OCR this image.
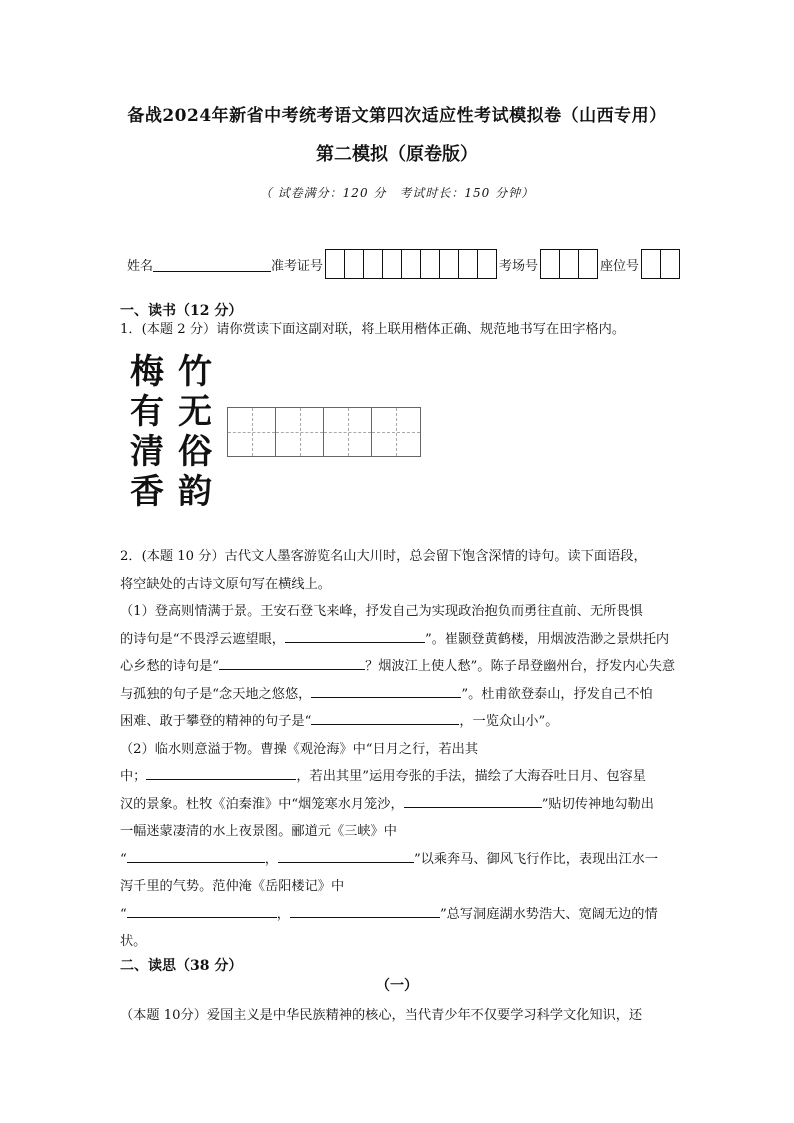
备战2024年新省中考统考语文第四次适应性考试模拟卷（山西专用）
第二模拟（原卷版）
（ 试卷满分：120 分　考试时长：150 分钟）
姓名	准考证号	考场号	座位号
一、读书（12 分）
1．(本题 2 分）请你赏读下面这副对联，将上联用楷体正确、规范地书写在田字格内。
梅
有
清
香
竹
无
俗
韵
2．(本题 10 分）古代文人墨客游览名山大川时，总会留下饱含深情的诗句。读下面语段，
将空缺处的古诗文原句写在横线上。
（1）登高则情满于景。王安石登飞来峰，抒发自己为实现政治抱负而勇往直前、无所畏惧
的诗句是“不畏浮云遮望眼，	”。崔颢登黄鹤楼，用烟波浩渺之景烘托内
心乡愁的诗句是“	？烟波江上使人愁”。陈子昂登幽州台，抒发内心失意
与孤独的句子是“念天地之悠悠，	”。杜甫欲登泰山，抒发自己不怕
困难、敢于攀登的精神的句子是“	，一览众山小”。
（2）临水则意溢于物。曹操《观沧海》中“日月之行，若出其
中；	，若出其里”运用夸张的手法，描绘了大海吞吐日月、包容星
汉的景象。杜牧《泊秦淮》中“烟笼寒水月笼沙，	”贴切传神地勾勒出
一幅迷蒙凄清的水上夜景图。郦道元《三峡》中
“	，	”以乘奔马、御风飞行作比，表现出江水一
泻千里的气势。范仲淹《岳阳楼记》中
“	，	”总写洞庭湖水势浩大、宽阔无边的情
状。
二、读思（38 分）
（一）
（本题 10分）爱国主义是中华民族精神的核心，当代青少年不仅要学习科学文化知识，还
